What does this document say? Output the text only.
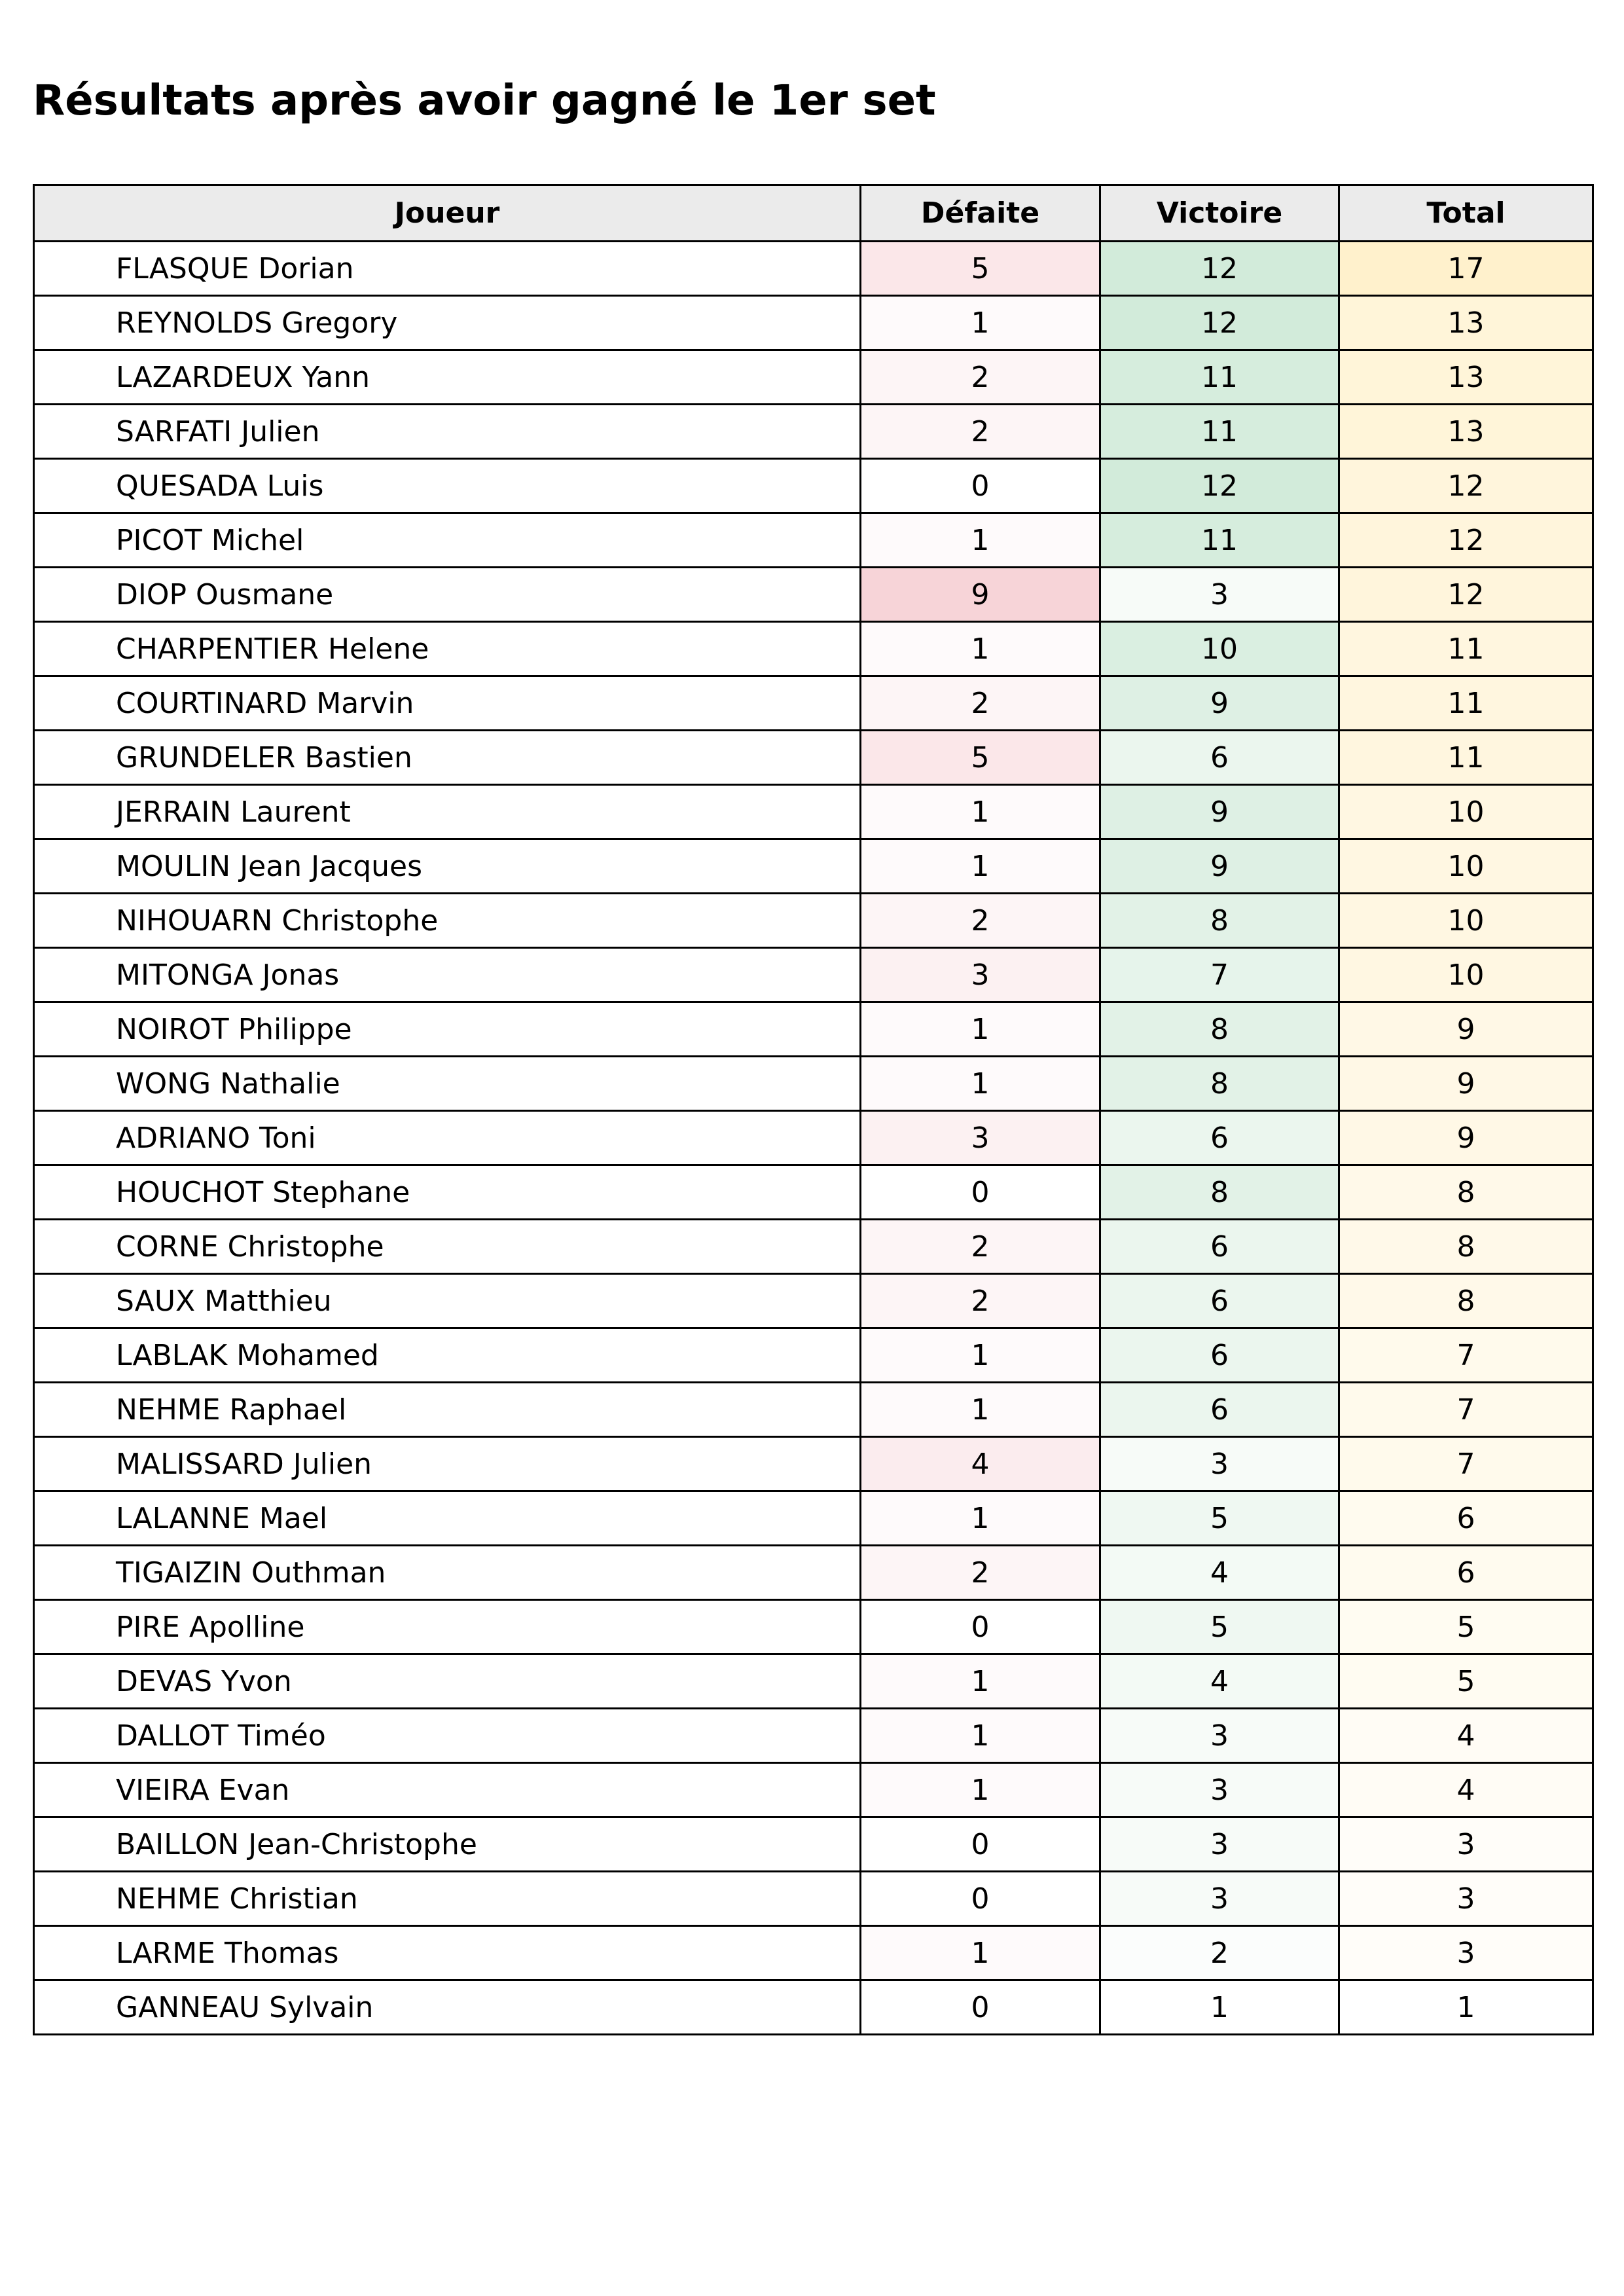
Résultats après avoir gagné le 1er set
Joueur	Défaite	Victoire	Total
FLASQUE Dorian	5	12	17
REYNOLDS Gregory	1	12	13
LAZARDEUX Yann	2	11	13
SARFATI Julien	2	11	13
QUESADA Luis	0	12	12
PICOT Michel	1	11	12
DIOP Ousmane	9	3	12
CHARPENTIER Helene	1	10	11
COURTINARD Marvin	2	9	11
GRUNDELER Bastien	5	6	11
JERRAIN Laurent	1	9	10
MOULIN Jean Jacques	1	9	10
NIHOUARN Christophe	2	8	10
MITONGA Jonas	3	7	10
NOIROT Philippe	1	8	9
WONG Nathalie	1	8	9
ADRIANO Toni	3	6	9
HOUCHOT Stephane	0	8	8
CORNE Christophe	2	6	8
SAUX Matthieu	2	6	8
LABLAK Mohamed	1	6	7
NEHME Raphael	1	6	7
MALISSARD Julien	4	3	7
LALANNE Mael	1	5	6
TIGAIZIN Outhman	2	4	6
PIRE Apolline	0	5	5
DEVAS Yvon	1	4	5
DALLOT Timéo	1	3	4
VIEIRA Evan	1	3	4
BAILLON Jean-Christophe	0	3	3
NEHME Christian	0	3	3
LARME Thomas	1	2	3
GANNEAU Sylvain	0	1	1
